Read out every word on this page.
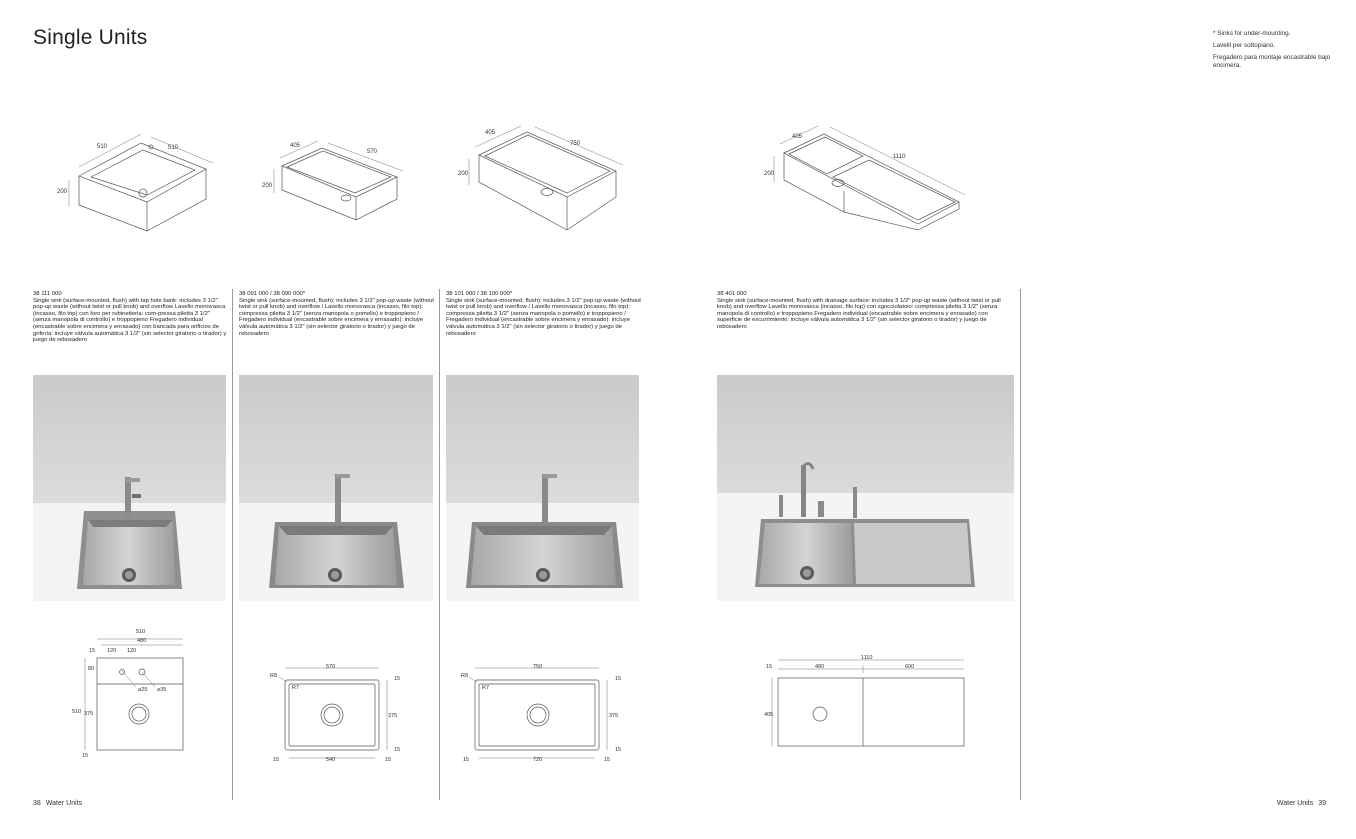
Single Units	* Sinks for under-mounting.

Lavelli per sottopiano.

Fregadero para montaje encastrable bajo encimera.

510	510
200
405
570
200
405
750
200
405
1110
200
38 111 000
Single sink (surface-mounted, flush) with tap hole bank: includes 3 1/2" pop-up waste (without twist or pull knob) and overflow Lavello monovasca (incasso, filo top) con foro per rubinetteria: com-pressa piletta 3 1/2" (senza manopola di controllo) e troppopieno Fregadero individual (encastrable sobre encimera y enrasado) con bancada para orificios de grifería: incluye válvula automática 3 1/2" (sin selector giratorio o tirador) y juego de rebosadero
38 091 000 / 38 090 000*
Single sink (surface-mounted, flush): includes 3 1/2" pop-up waste (without twist or pull knob) and overflow / Lavello monovasca (incasso, filo top): compressa piletta 3 1/2" (senza manopola o pomello) e troppopieno / Fregadero individual (encastrable sobre encimera y enrasado): incluye válvula automática 3 1/2" (sin selector giratorio o tirador) y juego de rebosadero
38 101 000 / 38 100 000*
Single sink (surface-mounted, flush): includes 3 1/2" pop-up waste (without twist or pull knob) and overflow / Lavello monovasca (incasso, filo top): compressa piletta 3 1/2" (senza manopola o pomello) e troppopieno / Fregadero individual (encastrable sobre encimera y enrasado): incluye válvula automática 3 1/2" (sin selector giratorio o tirador) y juego de rebosadero
38 401 000
Single sink (surface-mounted, flush) with drainage surface: includes 3 1/2" pop-up waste (without twist or pull knob) and overflow Lavello monovasca (incasso, filo top) con sgocciolatoio: compressa piletta 3 1/2" (senza manopola di controllo) e troppopieno Fregadero individual (encastrable sobre encimera y enrasado) con superficie de escurrimiento: incluye válvula automática 3 1/2" (sin selector giratorio o tirador) y juego de rebosadero
510
480
15 120 120
80
375
510
15
⌀25 ⌀35
R8
R7
570
540
15	15
15
375
15
R8
R7
750
720
15	15
15
375
15
1110
15	480	600
405
38 Water Units	Water Units 39
